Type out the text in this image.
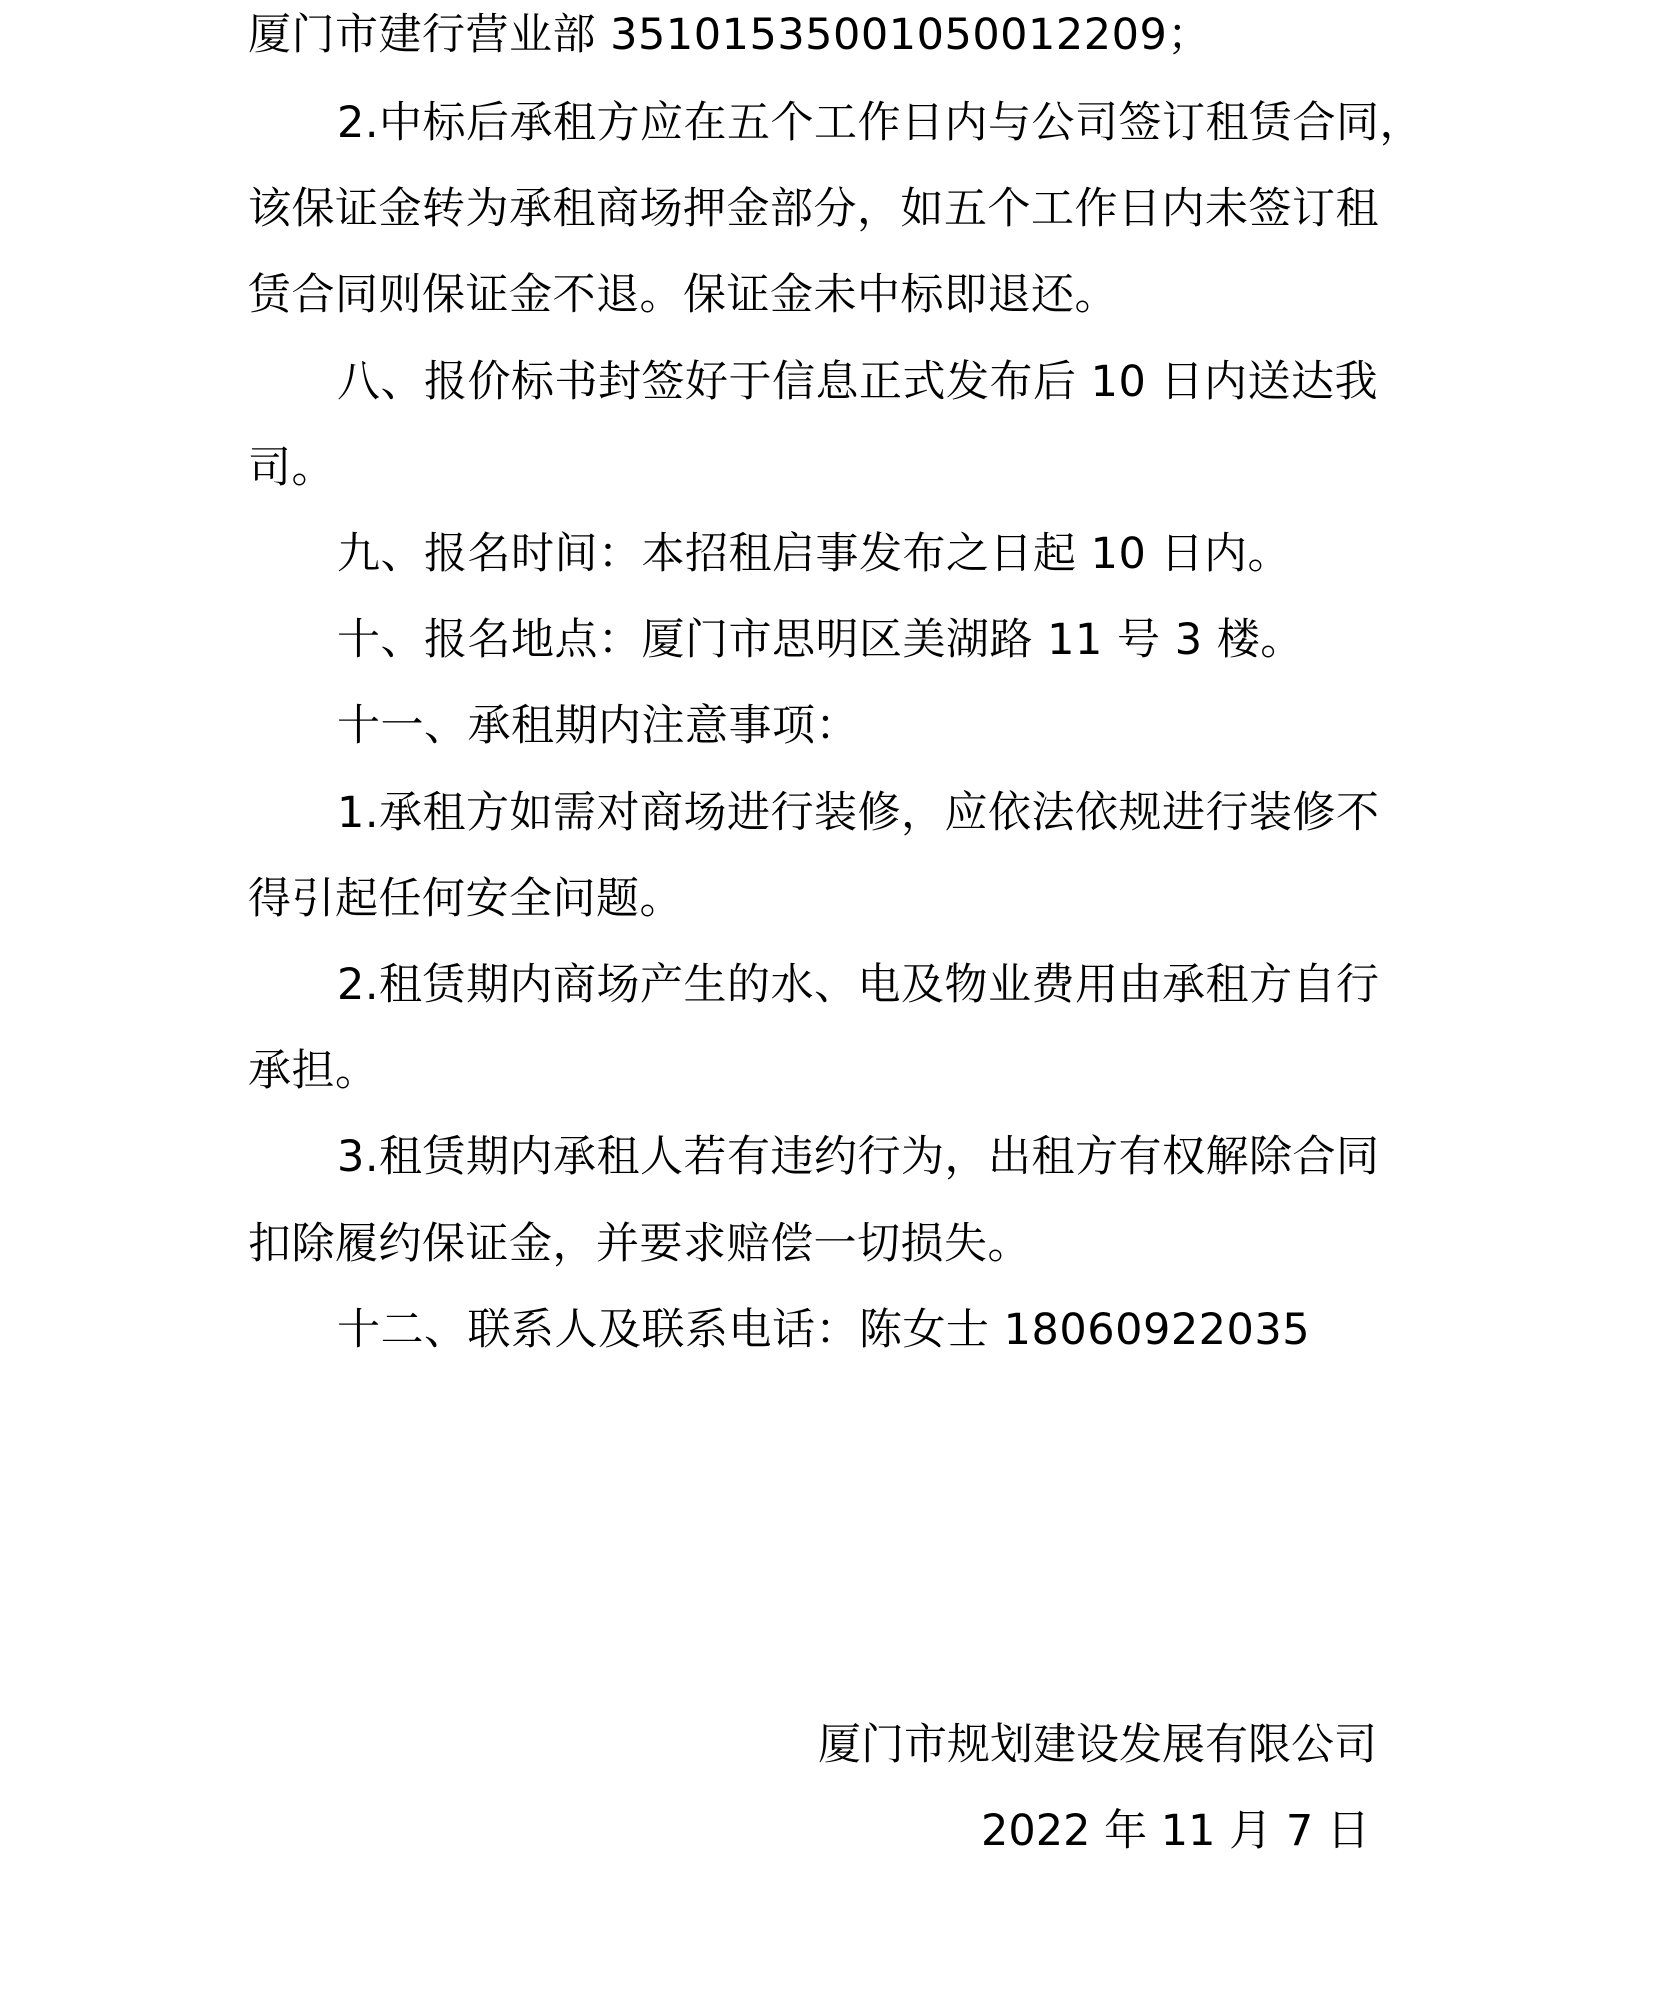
厦门市建行营业部 35101535001050012209；
2.中标后承租方应在五个工作日内与公司签订租赁合同，
该保证金转为承租商场押金部分，如五个工作日内未签订租
赁合同则保证金不退。保证金未中标即退还。
八、报价标书封签好于信息正式发布后 10 日内送达我
司。
九、报名时间：本招租启事发布之日起 10 日内。
十、报名地点：厦门市思明区美湖路 11 号 3 楼。
十一、承租期内注意事项：
1.承租方如需对商场进行装修，应依法依规进行装修不
得引起任何安全问题。
2.租赁期内商场产生的水、电及物业费用由承租方自行
承担。
3.租赁期内承租人若有违约行为，出租方有权解除合同
扣除履约保证金，并要求赔偿一切损失。
十二、联系人及联系电话：陈女士 18060922035
厦门市规划建设发展有限公司
2022 年 11 月 7 日
